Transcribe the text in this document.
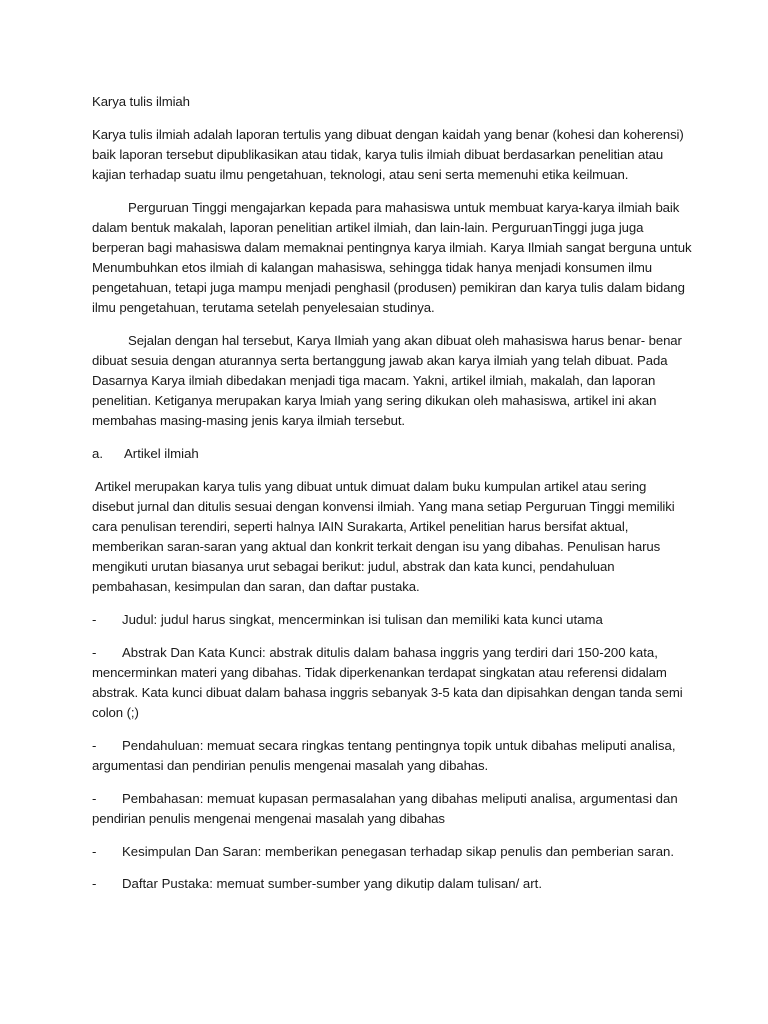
Karya tulis ilmiah

Karya tulis ilmiah adalah laporan tertulis yang dibuat dengan kaidah yang benar (kohesi dan koherensi)
baik laporan tersebut dipublikasikan atau tidak, karya tulis ilmiah dibuat berdasarkan penelitian atau
kajian terhadap suatu ilmu pengetahuan, teknologi, atau seni serta memenuhi etika keilmuan.

Perguruan Tinggi mengajarkan kepada para mahasiswa untuk membuat karya-karya ilmiah baik
dalam bentuk makalah, laporan penelitian artikel ilmiah, dan lain-lain. PerguruanTinggi juga juga
berperan bagi mahasiswa dalam memaknai pentingnya karya ilmiah. Karya Ilmiah sangat berguna untuk
Menumbuhkan etos ilmiah di kalangan mahasiswa, sehingga tidak hanya menjadi konsumen ilmu
pengetahuan, tetapi juga mampu menjadi penghasil (produsen) pemikiran dan karya tulis dalam bidang
ilmu pengetahuan, terutama setelah penyelesaian studinya.

Sejalan dengan hal tersebut, Karya Ilmiah yang akan dibuat oleh mahasiswa harus benar- benar
dibuat sesuia dengan aturannya serta bertanggung jawab akan karya ilmiah yang telah dibuat. Pada
Dasarnya Karya ilmiah dibedakan menjadi tiga macam. Yakni, artikel ilmiah, makalah, dan laporan
penelitian. Ketiganya merupakan karya lmiah yang sering dikukan oleh mahasiswa, artikel ini akan
membahas masing-masing jenis karya ilmiah tersebut.

a. Artikel ilmiah

Artikel merupakan karya tulis yang dibuat untuk dimuat dalam buku kumpulan artikel atau sering
disebut jurnal dan ditulis sesuai dengan konvensi ilmiah. Yang mana setiap Perguruan Tinggi memiliki
cara penulisan terendiri, seperti halnya IAIN Surakarta, Artikel penelitian harus bersifat aktual,
memberikan saran-saran yang aktual dan konkrit terkait dengan isu yang dibahas. Penulisan harus
mengikuti urutan biasanya urut sebagai berikut: judul, abstrak dan kata kunci, pendahuluan
pembahasan, kesimpulan dan saran, dan daftar pustaka.

- Judul: judul harus singkat, mencerminkan isi tulisan dan memiliki kata kunci utama

- Abstrak Dan Kata Kunci: abstrak ditulis dalam bahasa inggris yang terdiri dari 150-200 kata,

mencerminkan materi yang dibahas. Tidak diperkenankan terdapat singkatan atau referensi didalam
abstrak. Kata kunci dibuat dalam bahasa inggris sebanyak 3-5 kata dan dipisahkan dengan tanda semi
colon (;)

- Pendahuluan: memuat secara ringkas tentang pentingnya topik untuk dibahas meliputi analisa,

argumentasi dan pendirian penulis mengenai masalah yang dibahas.

- Pembahasan: memuat kupasan permasalahan yang dibahas meliputi analisa, argumentasi dan

pendirian penulis mengenai mengenai masalah yang dibahas

- Kesimpulan Dan Saran: memberikan penegasan terhadap sikap penulis dan pemberian saran.

- Daftar Pustaka: memuat sumber-sumber yang dikutip dalam tulisan/ art.
